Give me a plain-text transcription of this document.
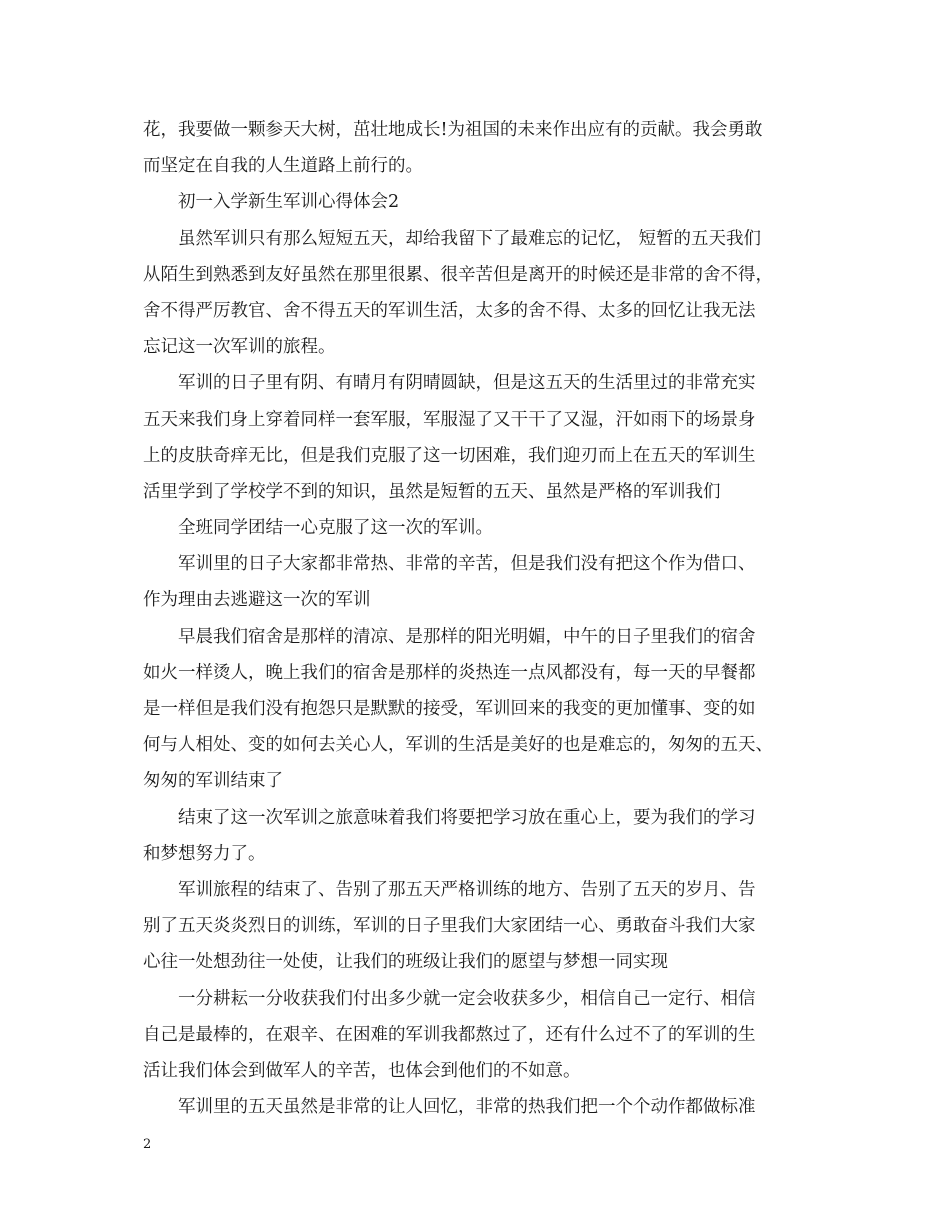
花，我要做一颗参天大树，茁壮地成长!为祖国的未来作出应有的贡献。我会勇敢
而坚定在自我的人生道路上前行的。
初一入学新生军训心得体会2
虽然军训只有那么短短五天，却给我留下了最难忘的记忆， 短暂的五天我们
从陌生到熟悉到友好虽然在那里很累、很辛苦但是离开的时候还是非常的舍不得，
舍不得严厉教官、舍不得五天的军训生活，太多的舍不得、太多的回忆让我无法
忘记这一次军训的旅程。
军训的日子里有阴、有晴月有阴晴圆缺，但是这五天的生活里过的非常充实
五天来我们身上穿着同样一套军服，军服湿了又干干了又湿，汗如雨下的场景身
上的皮肤奇痒无比，但是我们克服了这一切困难，我们迎刃而上在五天的军训生
活里学到了学校学不到的知识，虽然是短暂的五天、虽然是严格的军训我们
全班同学团结一心克服了这一次的军训。
军训里的日子大家都非常热、非常的辛苦，但是我们没有把这个作为借口、
作为理由去逃避这一次的军训
早晨我们宿舍是那样的清凉、是那样的阳光明媚，中午的日子里我们的宿舍
如火一样烫人，晚上我们的宿舍是那样的炎热连一点风都没有，每一天的早餐都
是一样但是我们没有抱怨只是默默的接受，军训回来的我变的更加懂事、变的如
何与人相处、变的如何去关心人，军训的生活是美好的也是难忘的，匆匆的五天、
匆匆的军训结束了
结束了这一次军训之旅意味着我们将要把学习放在重心上，要为我们的学习
和梦想努力了。
军训旅程的结束了、告别了那五天严格训练的地方、告别了五天的岁月、告
别了五天炎炎烈日的训练，军训的日子里我们大家团结一心、勇敢奋斗我们大家
心往一处想劲往一处使，让我们的班级让我们的愿望与梦想一同实现
一分耕耘一分收获我们付出多少就一定会收获多少，相信自己一定行、相信
自己是最棒的，在艰辛、在困难的军训我都熬过了，还有什么过不了的军训的生
活让我们体会到做军人的辛苦，也体会到他们的不如意。
军训里的五天虽然是非常的让人回忆，非常的热我们把一个个动作都做标准
2
